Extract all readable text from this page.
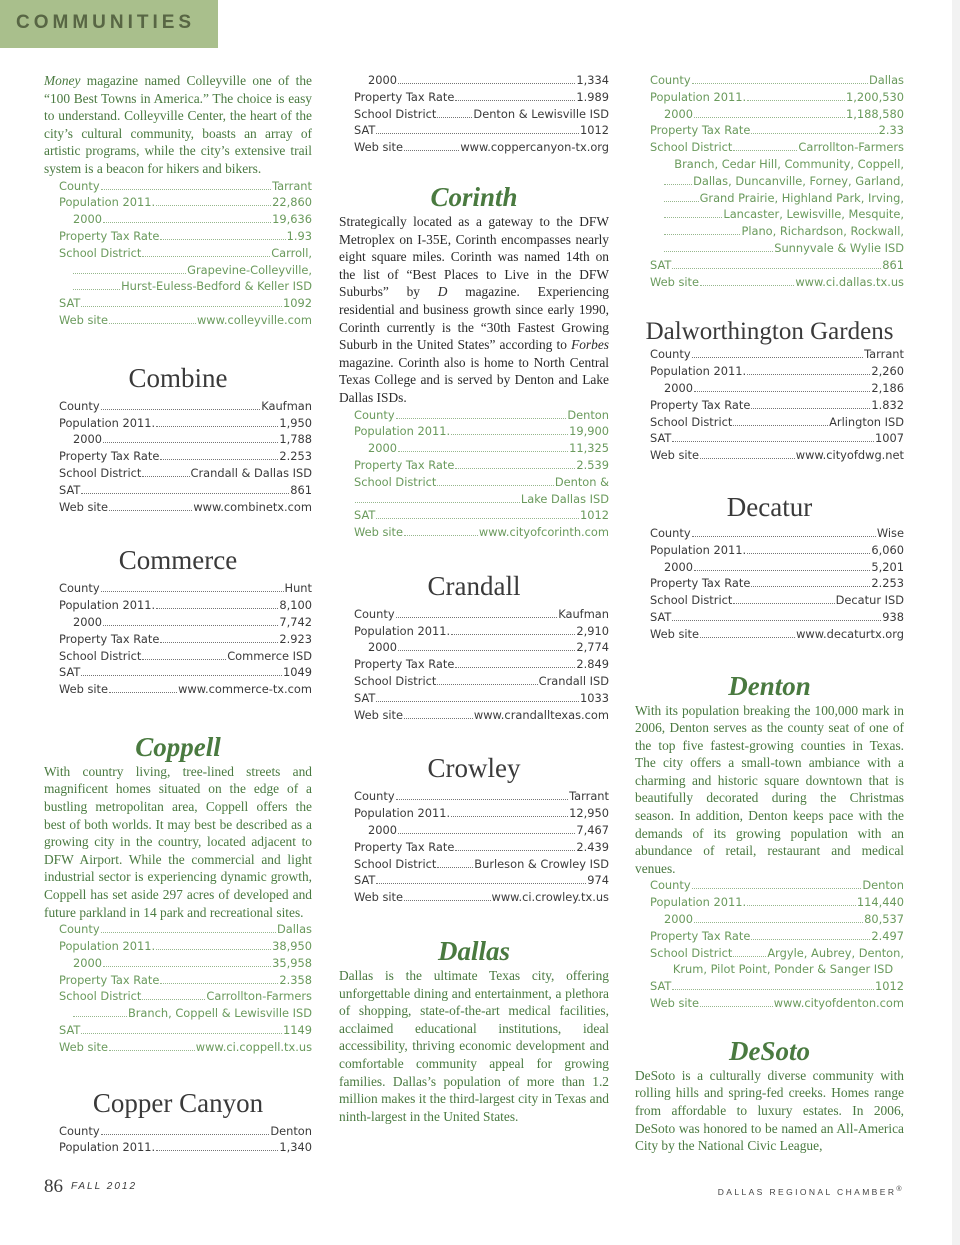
COMMUNITIES

Money magazine named Colleyville one of the “100 Best Towns in America.” The choice is easy to understand. Colleyville Center, the heart of the city’s cultural community, boasts an array of artistic programs, while the city’s extensive trail system is a beacon for hikers and bikers.

County	Tarrant
Population 2011.	22,860
2000	19,636
Property Tax Rate	1.93
School District	Carroll,
Grapevine-Colleyville,
Hurst-Euless-Bedford & Keller ISD
SAT	1092
Web site	www.colleyville.com
Combine
County	Kaufman
Population 2011.	1,950
2000	1,788
Property Tax Rate	2.253
School District	Crandall & Dallas ISD
SAT	861
Web site	www.combinetx.com
Commerce
County	Hunt
Population 2011.	8,100
2000	7,742
Property Tax Rate	2.923
School District	Commerce ISD
SAT	1049
Web site	www.commerce-tx.com
Coppell

With country living, tree-lined streets and magnificent homes situated on the edge of a bustling metropolitan area, Coppell offers the best of both worlds. It may best be described as a growing city in the country, located adjacent to DFW Airport. While the commercial and light industrial sector is experiencing dynamic growth, Coppell has set aside 297 acres of developed and future parkland in 14 park and recreational sites.

County	Dallas
Population 2011.	38,950
2000	35,958
Property Tax Rate	2.358
School District	Carrollton-Farmers
Branch, Coppell & Lewisville ISD
SAT	1149
Web site	www.ci.coppell.tx.us
Copper Canyon
County	Denton
Population 2011.	1,340
2000	1,334
Property Tax Rate	1.989
School District	Denton & Lewisville ISD
SAT	1012
Web site	www.coppercanyon-tx.org
Corinth

Strategically located as a gateway to the DFW Metroplex on I-35E, Corinth encompasses nearly eight square miles. Corinth was named 14th on the list of “Best Places to Live in the DFW Suburbs” by D magazine. Experiencing residential and business growth since early 1990, Corinth currently is the “30th Fastest Growing Suburb in the United States” according to Forbes magazine. Corinth also is home to North Central Texas College and is served by Denton and Lake Dallas ISDs.

County	Denton
Population 2011.	19,900
2000	11,325
Property Tax Rate	2.539
School District	Denton &
Lake Dallas ISD
SAT	1012
Web site	www.cityofcorinth.com
Crandall
County	Kaufman
Population 2011.	2,910
2000	2,774
Property Tax Rate	2.849
School District	Crandall ISD
SAT	1033
Web site	www.crandalltexas.com
Crowley
County	Tarrant
Population 2011.	12,950
2000	7,467
Property Tax Rate	2.439
School District	Burleson & Crowley ISD
SAT	974
Web site	www.ci.crowley.tx.us
Dallas

Dallas is the ultimate Texas city, offering unforgettable dining and entertainment, a plethora of shopping, state-of-the-art medical facilities, acclaimed educational institutions, ideal accessibility, thriving economic development and comfortable community appeal for growing families. Dallas’s population of more than 1.2 million makes it the third-largest city in Texas and ninth-largest in the United States.

County	Dallas
Population 2011.	1,200,530
2000	1,188,580
Property Tax Rate	2.33
School District	Carrollton-Farmers
Branch, Cedar Hill, Community, Coppell,
Dallas, Duncanville, Forney, Garland,
Grand Prairie, Highland Park, Irving,
Lancaster, Lewisville, Mesquite,
Plano, Richardson, Rockwall,
Sunnyvale & Wylie ISD
SAT	861
Web site	www.ci.dallas.tx.us
Dalworthington Gardens
County	Tarrant
Population 2011.	2,260
2000	2,186
Property Tax Rate	1.832
School District	Arlington ISD
SAT	1007
Web site	www.cityofdwg.net
Decatur
County	Wise
Population 2011.	6,060
2000	5,201
Property Tax Rate	2.253
School District	Decatur ISD
SAT	938
Web site	www.decaturtx.org
Denton

With its population breaking the 100,000 mark in 2006, Denton serves as the county seat of one of the top five fastest-growing counties in Texas. The city offers a small-town ambiance with a charming and historic square downtown that is beautifully decorated during the Christmas season. In addition, Denton keeps pace with the demands of its growing population with an abundance of retail, restaurant and medical venues.

County	Denton
Population 2011.	114,440
2000	80,537
Property Tax Rate	2.497
School District	Argyle, Aubrey, Denton,
Krum, Pilot Point, Ponder & Sanger ISD
SAT	1012
Web site	www.cityofdenton.com
DeSoto

DeSoto is a culturally diverse community with rolling hills and spring-fed creeks. Homes range from affordable to luxury estates. In 2006, DeSoto was honored to be named an All-America City by the National Civic League,

86 FALL 2012	DALLAS REGIONAL CHAMBER®
